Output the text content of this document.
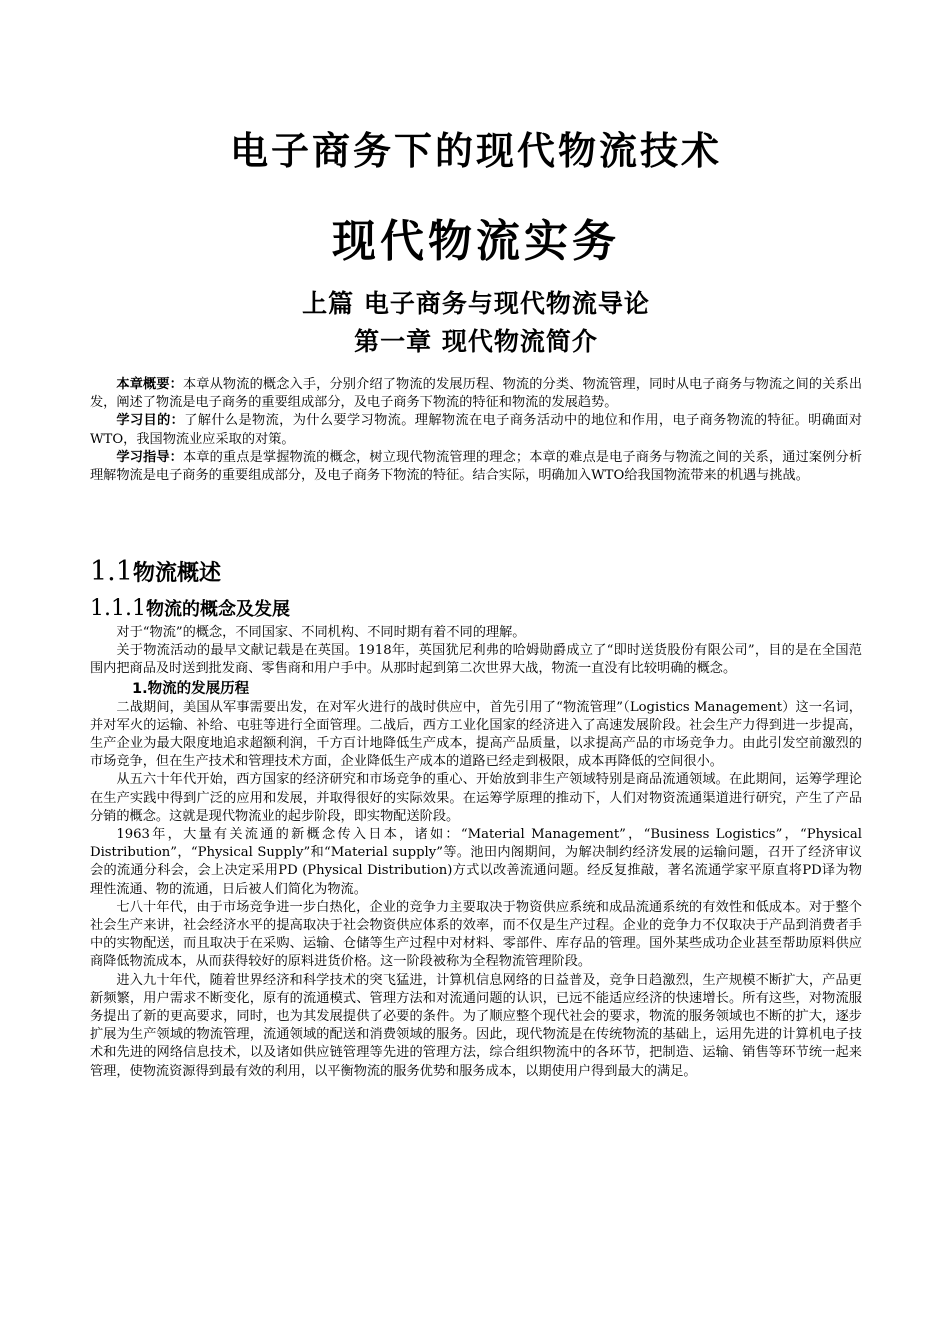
电子商务下的现代物流技术
现代物流实务
上篇 电子商务与现代物流导论
第一章 现代物流简介

本章概要：本章从物流的概念入手，分别介绍了物流的发展历程、物流的分类、物流管理，同时从电子商务与物流之间的关系出发，阐述了物流是电子商务的重要组成部分，及电子商务下物流的特征和物流的发展趋势。

学习目的：了解什么是物流，为什么要学习物流。理解物流在电子商务活动中的地位和作用，电子商务物流的特征。明确面对WTO，我国物流业应采取的对策。

学习指导：本章的重点是掌握物流的概念，树立现代物流管理的理念；本章的难点是电子商务与物流之间的关系，通过案例分析理解物流是电子商务的重要组成部分，及电子商务下物流的特征。结合实际，明确加入WTO给我国物流带来的机遇与挑战。

1.1物流概述
1.1.1物流的概念及发展

对于“物流”的概念，不同国家、不同机构、不同时期有着不同的理解。

关于物流活动的最早文献记载是在英国。1918年，英国犹尼利弗的哈姆勋爵成立了“即时送货股份有限公司”，目的是在全国范围内把商品及时送到批发商、零售商和用户手中。从那时起到第二次世界大战，物流一直没有比较明确的概念。

1.物流的发展历程

二战期间，美国从军事需要出发，在对军火进行的战时供应中，首先引用了“物流管理”（Logistics Management）这一名词，并对军火的运输、补给、屯驻等进行全面管理。二战后，西方工业化国家的经济进入了高速发展阶段。社会生产力得到进一步提高，生产企业为最大限度地追求超额利润，千方百计地降低生产成本，提高产品质量，以求提高产品的市场竞争力。由此引发空前激烈的市场竞争，但在生产技术和管理技术方面，企业降低生产成本的道路已经走到极限，成本再降低的空间很小。

从五六十年代开始，西方国家的经济研究和市场竞争的重心、开始放到非生产领域特别是商品流通领域。在此期间，运筹学理论在生产实践中得到广泛的应用和发展，并取得很好的实际效果。在运筹学原理的推动下，人们对物资流通渠道进行研究，产生了产品分销的概念。这就是现代物流业的起步阶段，即实物配送阶段。

1963年，大量有关流通的新概念传入日本，诸如：“Material Management”，“Business Logistics”，“Physical Distribution”，“Physical Supply”和“Material supply”等。池田内阁期间，为解决制约经济发展的运输问题，召开了经济审议会的流通分科会，会上决定采用PD (Physical Distribution)方式以改善流通问题。经反复推敲，著名流通学家平原直将PD译为物理性流通、物的流通，日后被人们简化为物流。

七八十年代，由于市场竞争进一步白热化，企业的竞争力主要取决于物资供应系统和成品流通系统的有效性和低成本。对于整个社会生产来讲，社会经济水平的提高取决于社会物资供应体系的效率，而不仅是生产过程。企业的竞争力不仅取决于产品到消费者手中的实物配送，而且取决于在采购、运输、仓储等生产过程中对材料、零部件、库存品的管理。国外某些成功企业甚至帮助原料供应商降低物流成本，从而获得较好的原料进货价格。这一阶段被称为全程物流管理阶段。

进入九十年代，随着世界经济和科学技术的突飞猛进，计算机信息网络的日益普及，竞争日趋激烈，生产规模不断扩大，产品更新频繁，用户需求不断变化，原有的流通模式、管理方法和对流通问题的认识，已远不能适应经济的快速增长。所有这些，对物流服务提出了新的更高要求，同时，也为其发展提供了必要的条件。为了顺应整个现代社会的要求，物流的服务领域也不断的扩大，逐步扩展为生产领域的物流管理，流通领域的配送和消费领域的服务。因此，现代物流是在传统物流的基础上，运用先进的计算机电子技术和先进的网络信息技术，以及诸如供应链管理等先进的管理方法，综合组织物流中的各环节，把制造、运输、销售等环节统一起来管理，使物流资源得到最有效的利用，以平衡物流的服务优势和服务成本，以期使用户得到最大的满足。
